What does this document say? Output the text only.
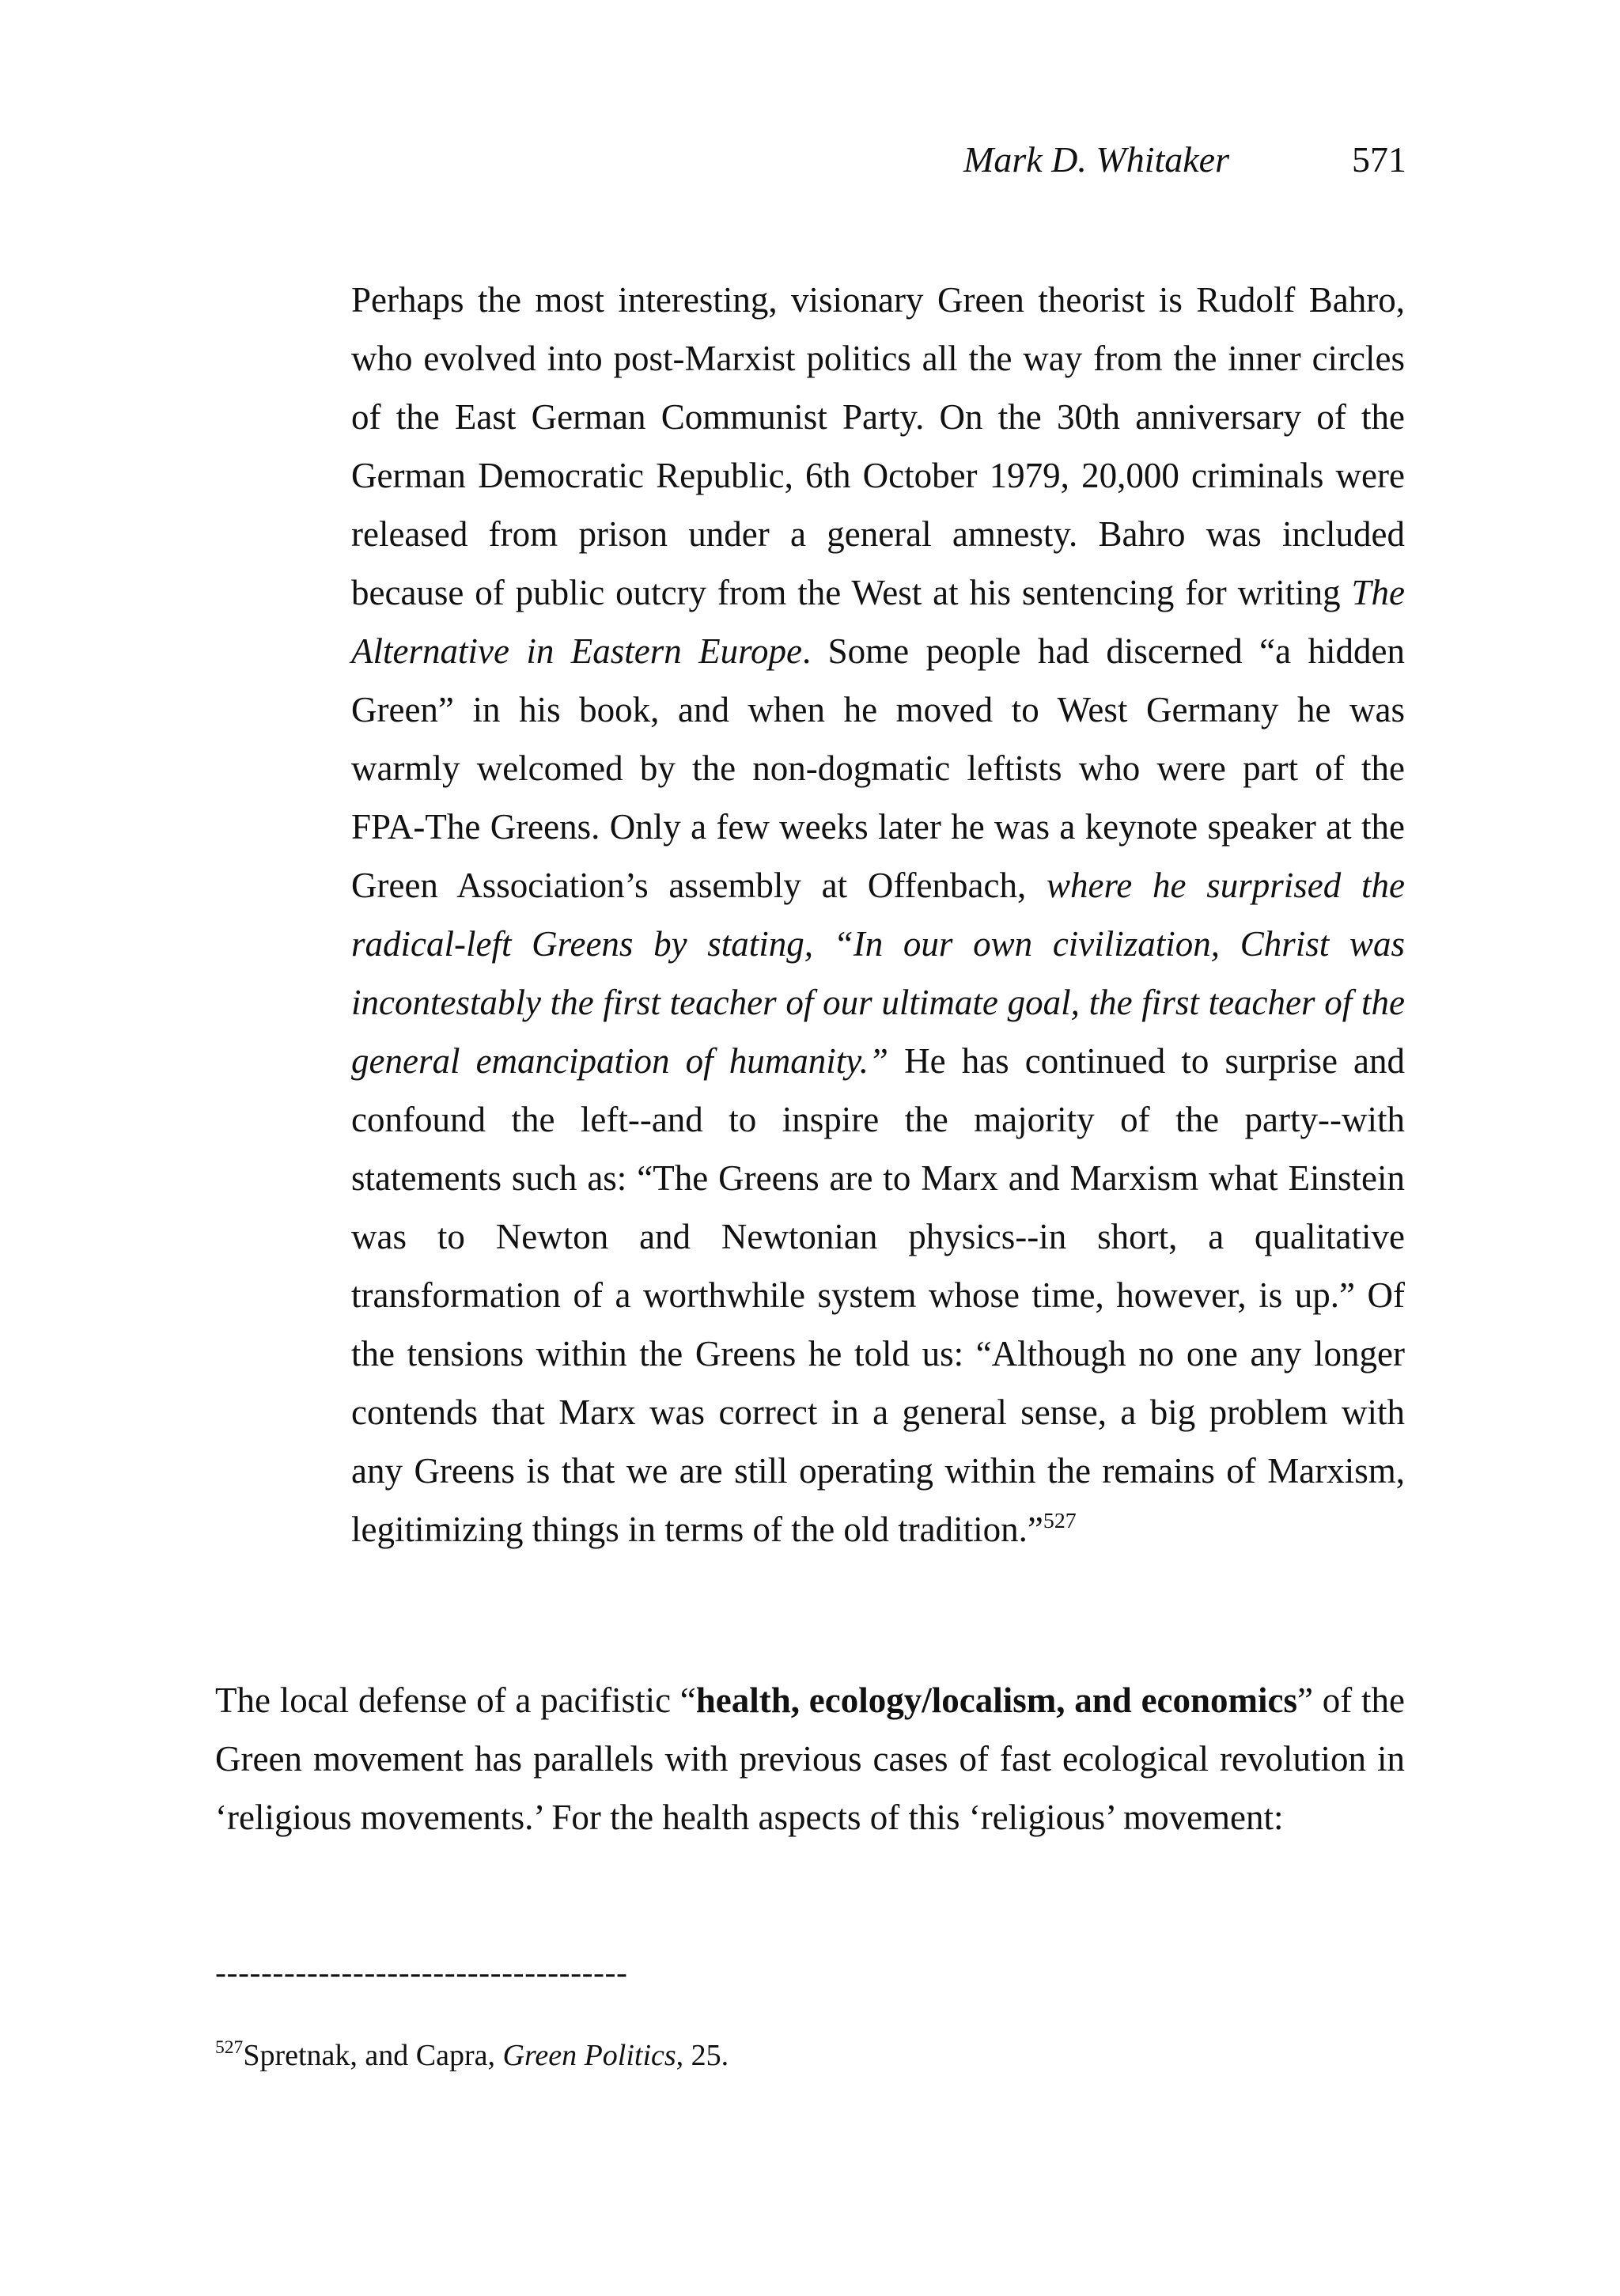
Mark D. Whitaker	571

Perhaps the most interesting, visionary Green theorist is Rudolf Bahro, who evolved into post-Marxist politics all the way from the inner circles of the East German Communist Party. On the 30th anniversary of the German Democratic Republic, 6th October 1979, 20,000 criminals were released from prison under a general amnesty. Bahro was included because of public outcry from the West at his sentencing for writing The Alternative in Eastern Europe. Some people had discerned “a hidden Green” in his book, and when he moved to West Germany he was warmly welcomed by the non-dogmatic leftists who were part of the FPA-The Greens. Only a few weeks later he was a keynote speaker at the Green Association’s assembly at Offenbach, where he surprised the radical-left Greens by stating, “In our own civilization, Christ was incontestably the first teacher of our ultimate goal, the first teacher of the general emancipation of humanity.” He has continued to surprise and confound the left--and to inspire the majority of the party--with statements such as: “The Greens are to Marx and Marxism what Einstein was to Newton and Newtonian physics--in short, a qualitative transformation of a worthwhile system whose time, however, is up.” Of the tensions within the Greens he told us: “Although no one any longer contends that Marx was correct in a general sense, a big problem with any Greens is that we are still operating within the remains of Marxism, legitimizing things in terms of the old tradition.”$^{527}$

The local defense of a pacifistic “health, ecology/localism, and economics” of the Green movement has parallels with previous cases of fast ecological revolution in ‘religious movements.’ For the health aspects of this ‘religious’ movement:

------------------------------------
$^{527}$Spretnak, and Capra, Green Politics, 25.
